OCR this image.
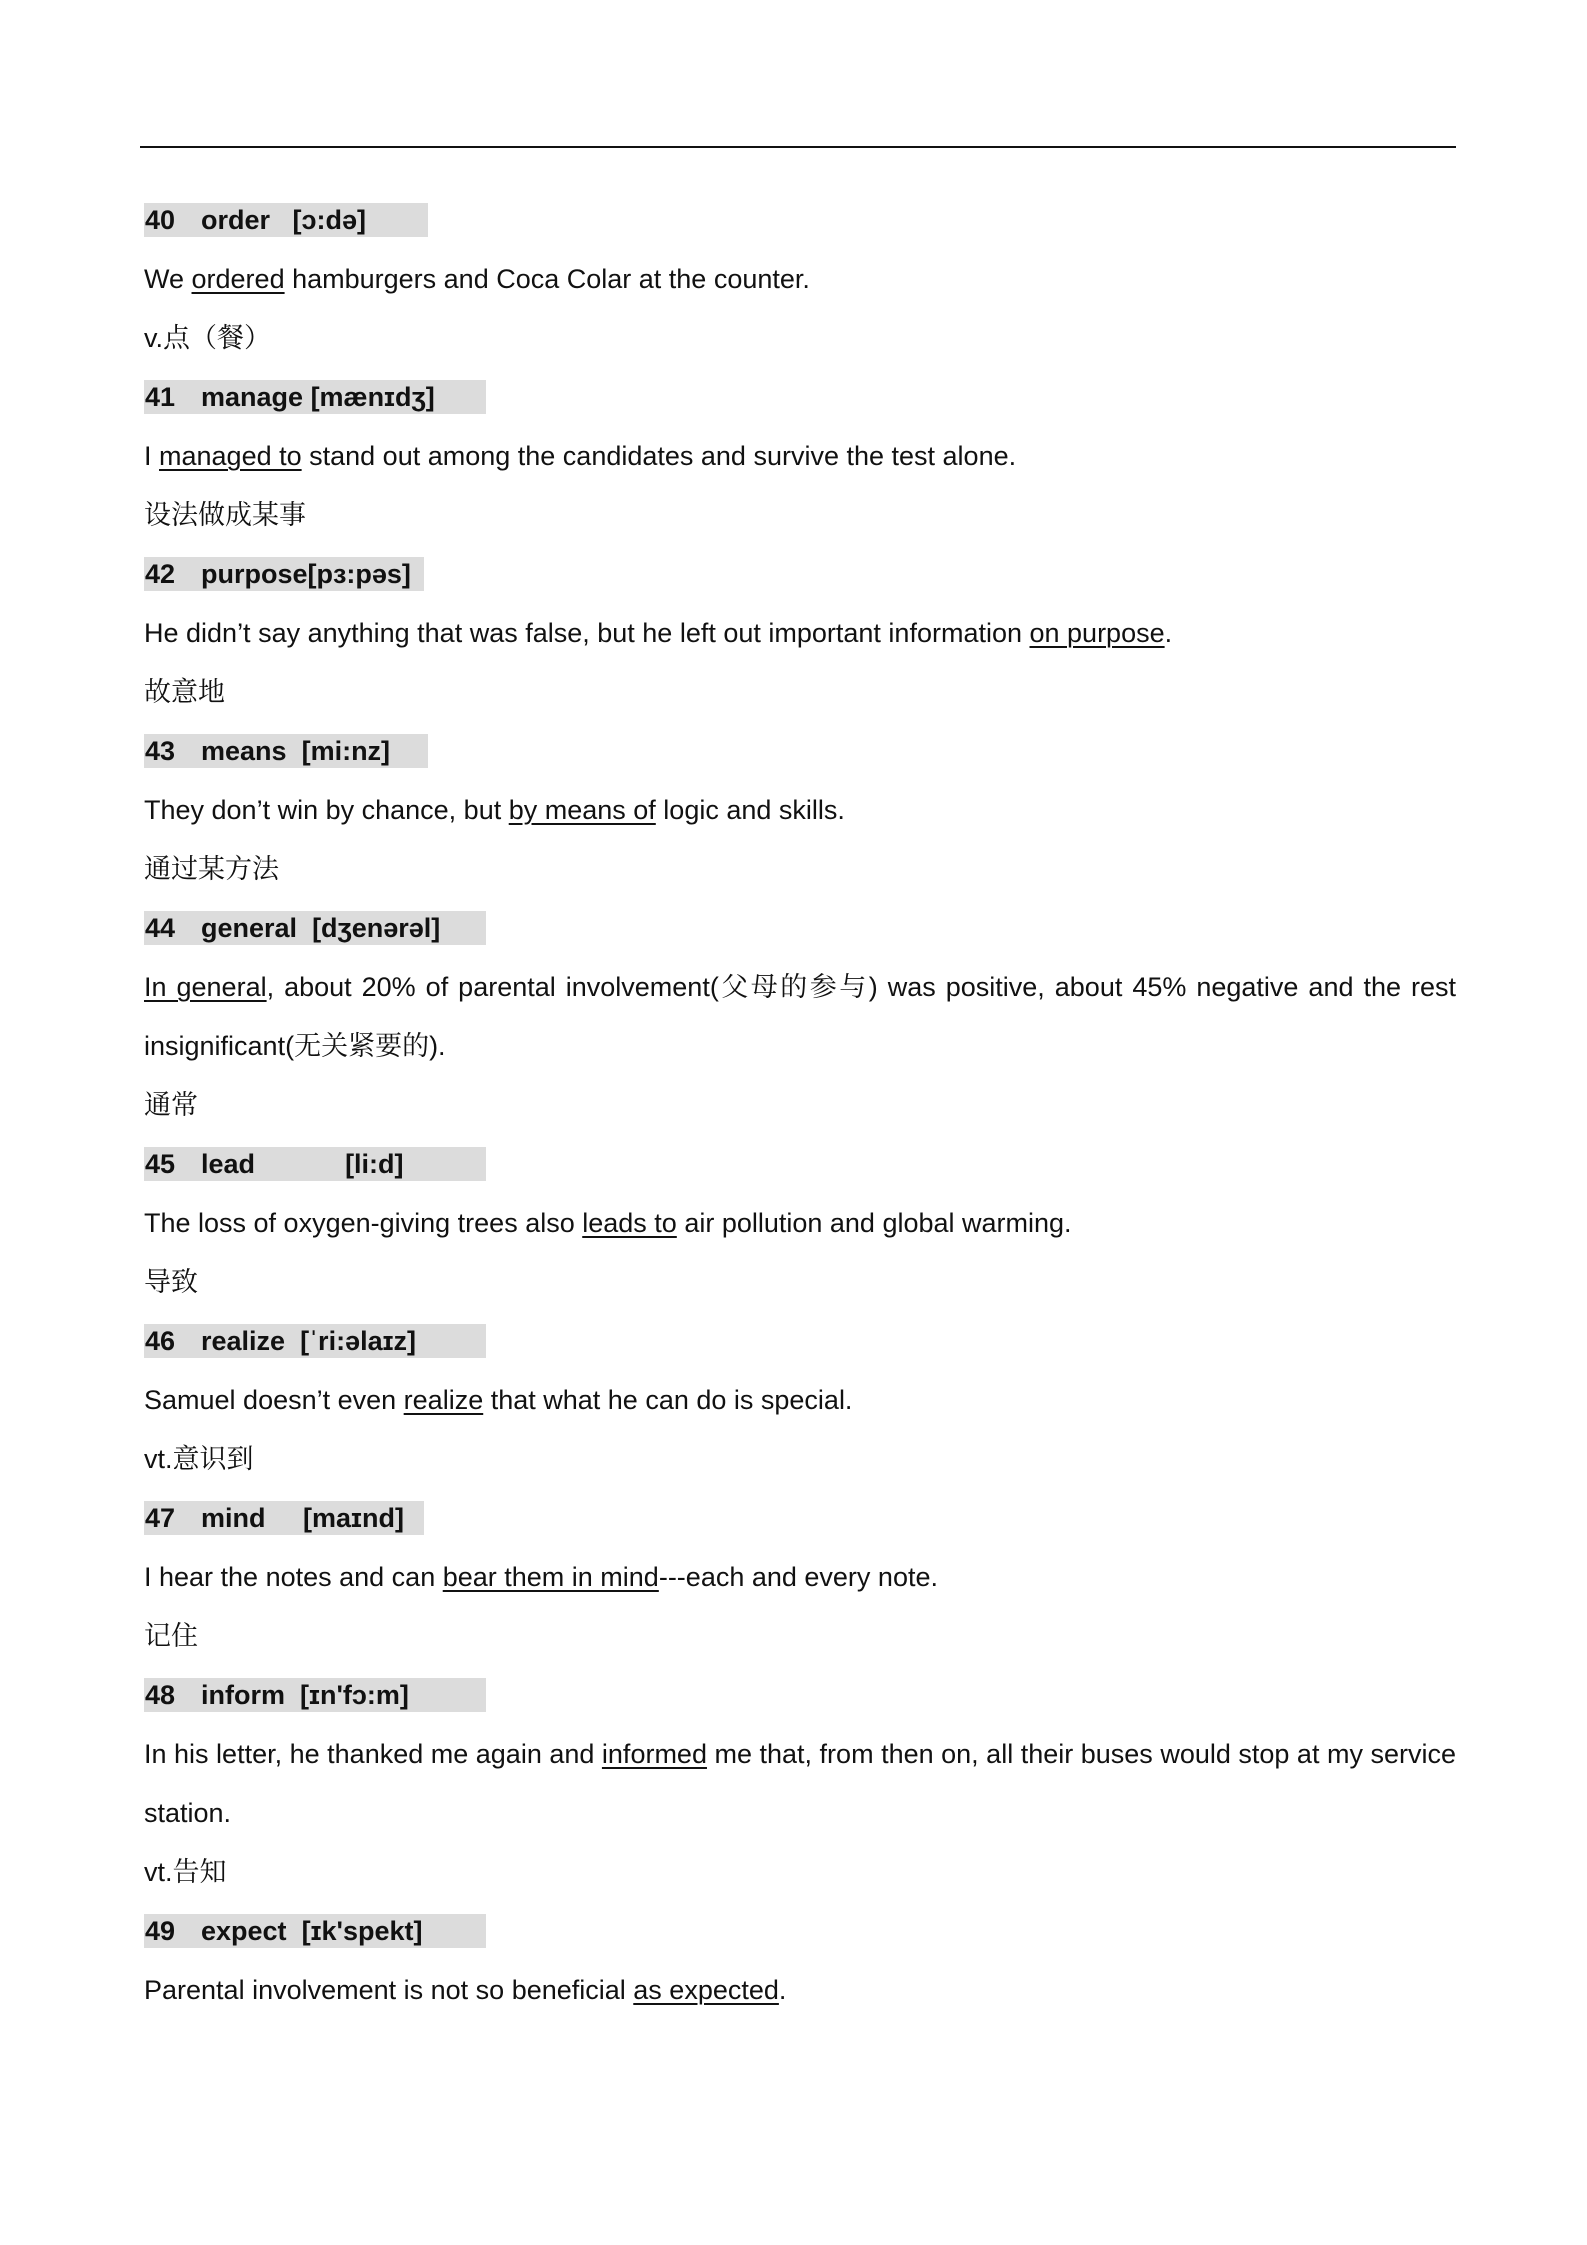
40 order [ɔ:də]

We ordered hamburgers and Coca Colar at the counter.

v.点（餐）

41 manage [mænɪdʒ]

I managed to stand out among the candidates and survive the test alone.

设法做成某事

42 purpose[pɜ:pəs]

He didn’t say anything that was false, but he left out important information on purpose.

故意地

43 means [mi:nz]

They don’t win by chance, but by means of logic and skills.

通过某方法

44 general [dʒenərəl]

In general, about 20% of parental involvement(父母的参与) was positive, about 45% negative and the rest insignificant(无关紧要的).

通常

45 lead	[li:d]

The loss of oxygen-giving trees also leads to air pollution and global warming.

导致

46 realize [ˈri:əlaɪz]

Samuel doesn’t even realize that what he can do is special.

vt.意识到

47 mind [maɪnd]

I hear the notes and can bear them in mind---each and every note.

记住

48 inform [ɪn'fɔ:m]

In his letter, he thanked me again and informed me that, from then on, all their buses would stop at my service station.

vt.告知

49 expect [ɪk'spekt]

Parental involvement is not so beneficial as expected.
